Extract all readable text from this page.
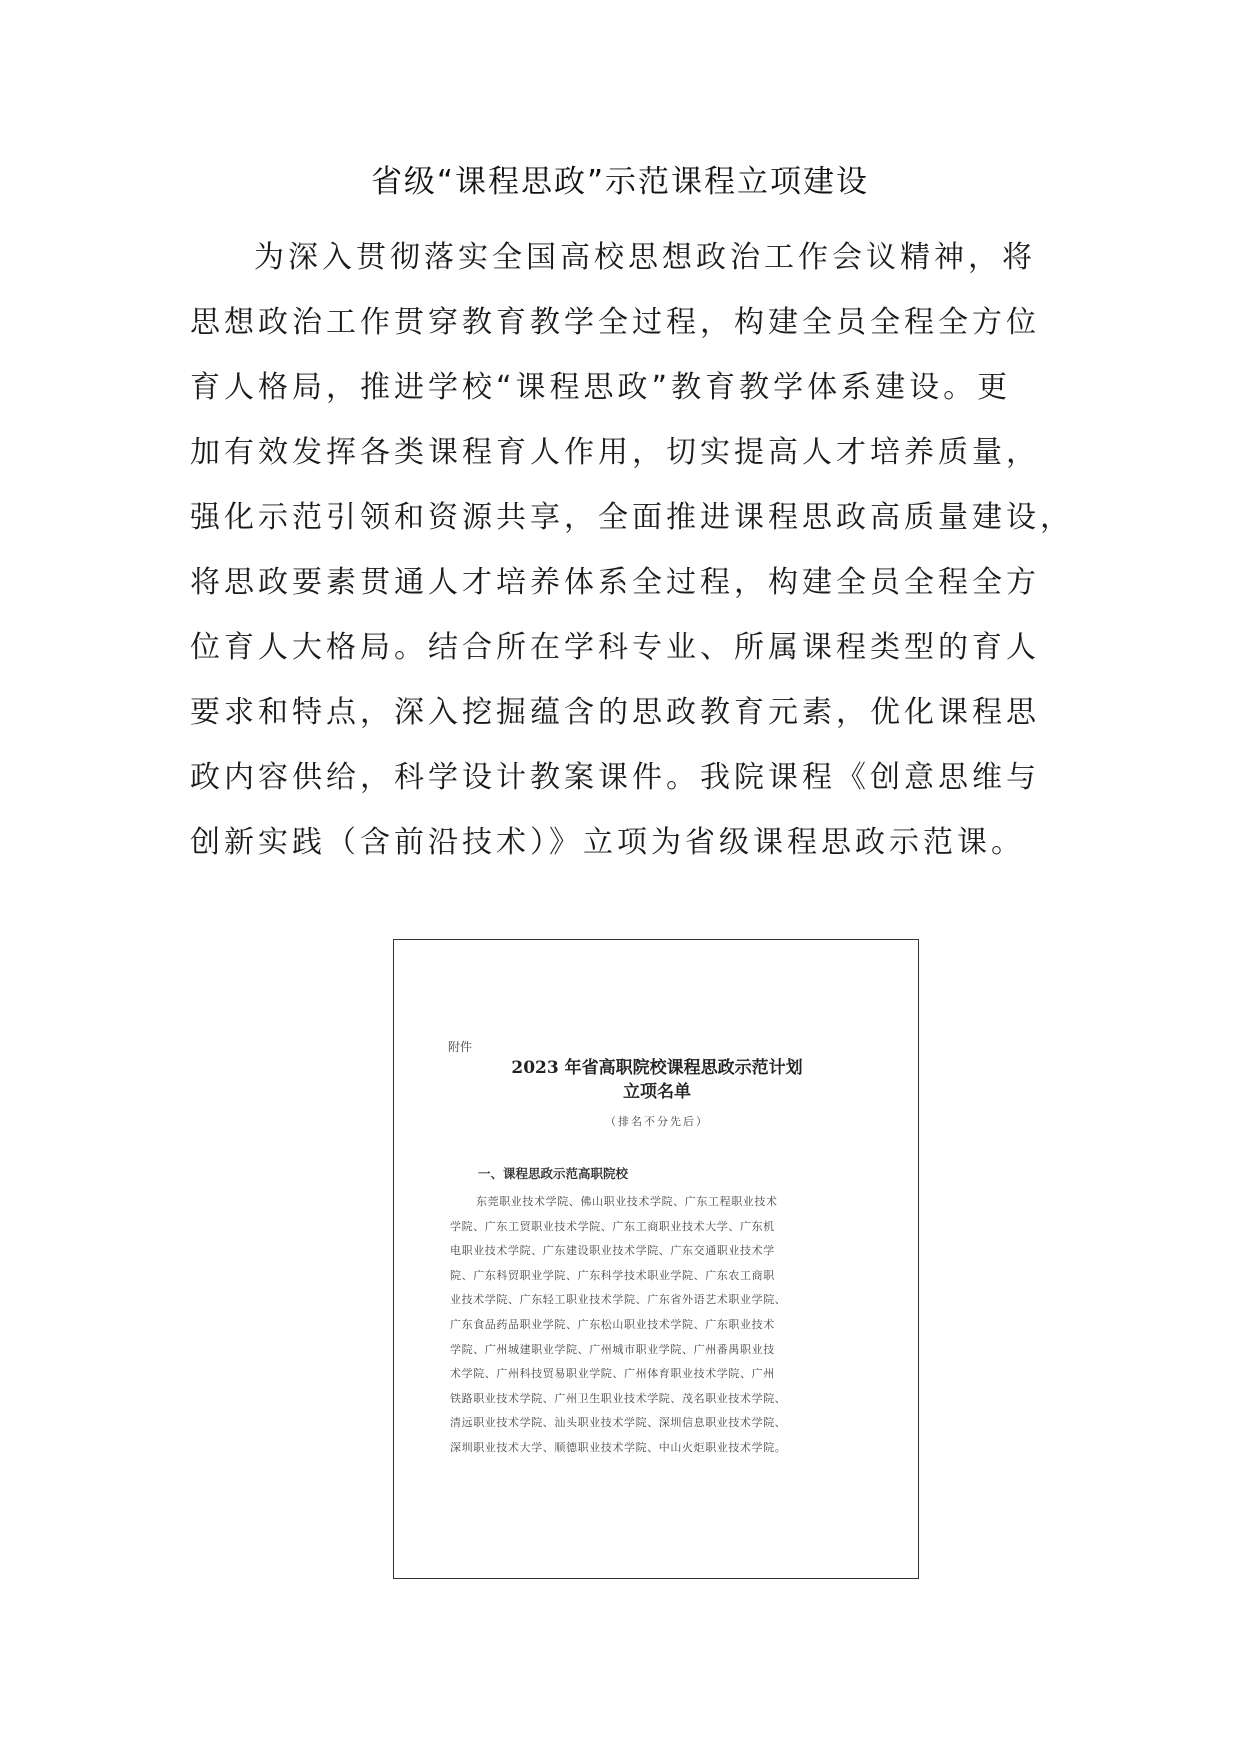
省级“课程思政”示范课程立项建设
为深入贯彻落实全国高校思想政治工作会议精神，将
思想政治工作贯穿教育教学全过程，构建全员全程全方位
育人格局，推进学校“课程思政”教育教学体系建设。更
加有效发挥各类课程育人作用，切实提高人才培养质量，
强化示范引领和资源共享，全面推进课程思政高质量建设，
将思政要素贯通人才培养体系全过程，构建全员全程全方
位育人大格局。结合所在学科专业、所属课程类型的育人
要求和特点，深入挖掘蕴含的思政教育元素，优化课程思
政内容供给，科学设计教案课件。我院课程《创意思维与
创新实践（含前沿技术）》立项为省级课程思政示范课。
附件
2023 年省高职院校课程思政示范计划
立项名单
（排名不分先后）
一、课程思政示范高职院校
东莞职业技术学院、佛山职业技术学院、广东工程职业技术
学院、广东工贸职业技术学院、广东工商职业技术大学、广东机
电职业技术学院、广东建设职业技术学院、广东交通职业技术学
院、广东科贸职业学院、广东科学技术职业学院、广东农工商职
业技术学院、广东轻工职业技术学院、广东省外语艺术职业学院、
广东食品药品职业学院、广东松山职业技术学院、广东职业技术
学院、广州城建职业学院、广州城市职业学院、广州番禺职业技
术学院、广州科技贸易职业学院、广州体育职业技术学院、广州
铁路职业技术学院、广州卫生职业技术学院、茂名职业技术学院、
清远职业技术学院、汕头职业技术学院、深圳信息职业技术学院、
深圳职业技术大学、顺德职业技术学院、中山火炬职业技术学院。
